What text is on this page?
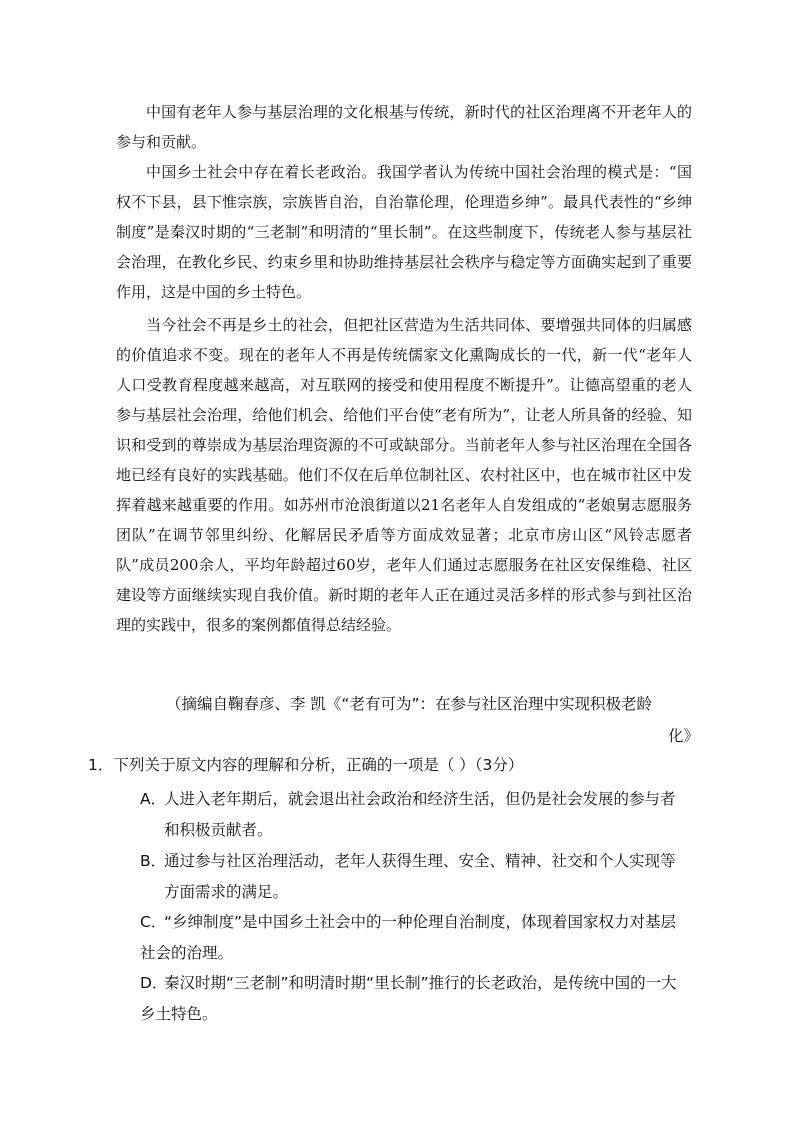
中国有老年人参与基层治理的文化根基与传统，新时代的社区治理离不开老年人的参与和贡献。

中国乡土社会中存在着长老政治。我国学者认为传统中国社会治理的模式是：“国权不下县，县下惟宗族，宗族皆自治，自治靠伦理，伦理造乡绅”。最具代表性的“乡绅制度”是秦汉时期的“三老制”和明清的“里长制”。在这些制度下，传统老人参与基层社会治理，在教化乡民、约束乡里和协助维持基层社会秩序与稳定等方面确实起到了重要作用，这是中国的乡土特色。

当今社会不再是乡土的社会，但把社区营造为生活共同体、要增强共同体的归属感的价值追求不变。现在的老年人不再是传统儒家文化熏陶成长的一代，新一代“老年人人口受教育程度越来越高，对互联网的接受和使用程度不断提升”。让德高望重的老人参与基层社会治理，给他们机会、给他们平台使“老有所为”，让老人所具备的经验、知识和受到的尊崇成为基层治理资源的不可或缺部分。当前老年人参与社区治理在全国各地已经有良好的实践基础。他们不仅在后单位制社区、农村社区中，也在城市社区中发挥着越来越重要的作用。如苏州市沧浪街道以21名老年人自发组成的“老娘舅志愿服务团队”在调节邻里纠纷、化解居民矛盾等方面成效显著；北京市房山区“风铃志愿者队”成员200余人，平均年龄超过60岁，老年人们通过志愿服务在社区安保维稳、社区建设等方面继续实现自我价值。新时期的老年人正在通过灵活多样的形式参与到社区治理的实践中，很多的案例都值得总结经验。

（摘编自鞠春彦、李 凯《“老有可为”：在参与社区治理中实现积极老龄
化》

1．下列关于原文内容的理解和分析，正确的一项是（ ）（3分）

A．
人进入老年期后，就会退出社会政治和经济生活，但仍是社会发展的参与者和积极贡献者。
B．
通过参与社区治理活动，老年人获得生理、安全、精神、社交和个人实现等方面需求的满足。
C．
“乡绅制度”是中国乡土社会中的一种伦理自治制度，体现着国家权力对基层社会的治理。
D．
秦汉时期“三老制”和明清时期“里长制”推行的长老政治，是传统中国的一大乡土特色。
